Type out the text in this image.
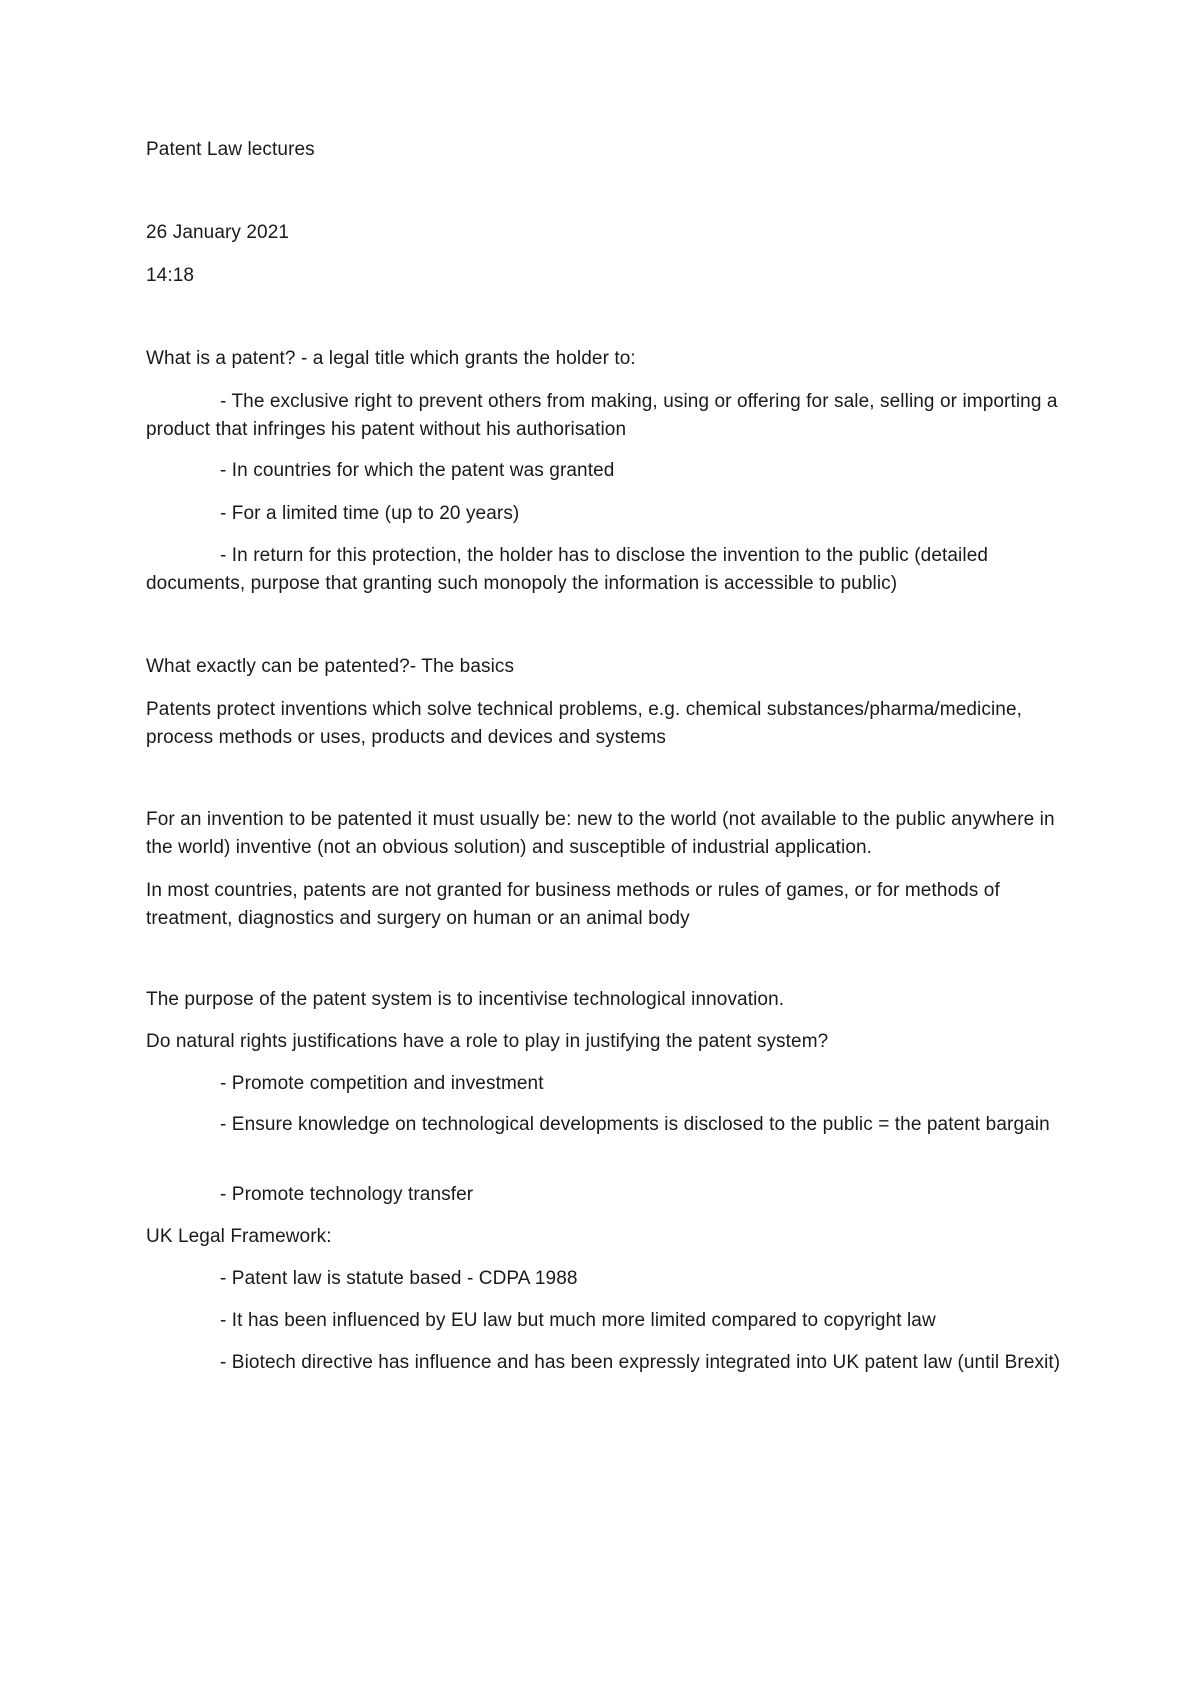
Patent Law lectures
26 January 2021
14:18
What is a patent? - a legal title which grants the holder to:
- The exclusive right to prevent others from making, using or offering for sale, selling or importing a product that infringes his patent without his authorisation
- In countries for which the patent was granted
- For a limited time (up to 20 years)
- In return for this protection, the holder has to disclose the invention to the public (detailed documents, purpose that granting such monopoly the information is accessible to public)
What exactly can be patented?- The basics
Patents protect inventions which solve technical problems, e.g. chemical substances/pharma/medicine, process methods or uses, products and devices and systems
For an invention to be patented it must usually be: new to the world (not available to the public anywhere in the world) inventive (not an obvious solution) and susceptible of industrial application.
In most countries, patents are not granted for business methods or rules of games, or for methods of treatment, diagnostics and surgery on human or an animal body
The purpose of the patent system is to incentivise technological innovation.
Do natural rights justifications have a role to play in justifying the patent system?
- Promote competition and investment
- Ensure knowledge on technological developments is disclosed to the public = the patent bargain
- Promote technology transfer
UK Legal Framework:
- Patent law is statute based - CDPA 1988
- It has been influenced by EU law but much more limited compared to copyright law
- Biotech directive has influence and has been expressly integrated into UK patent law (until Brexit)
